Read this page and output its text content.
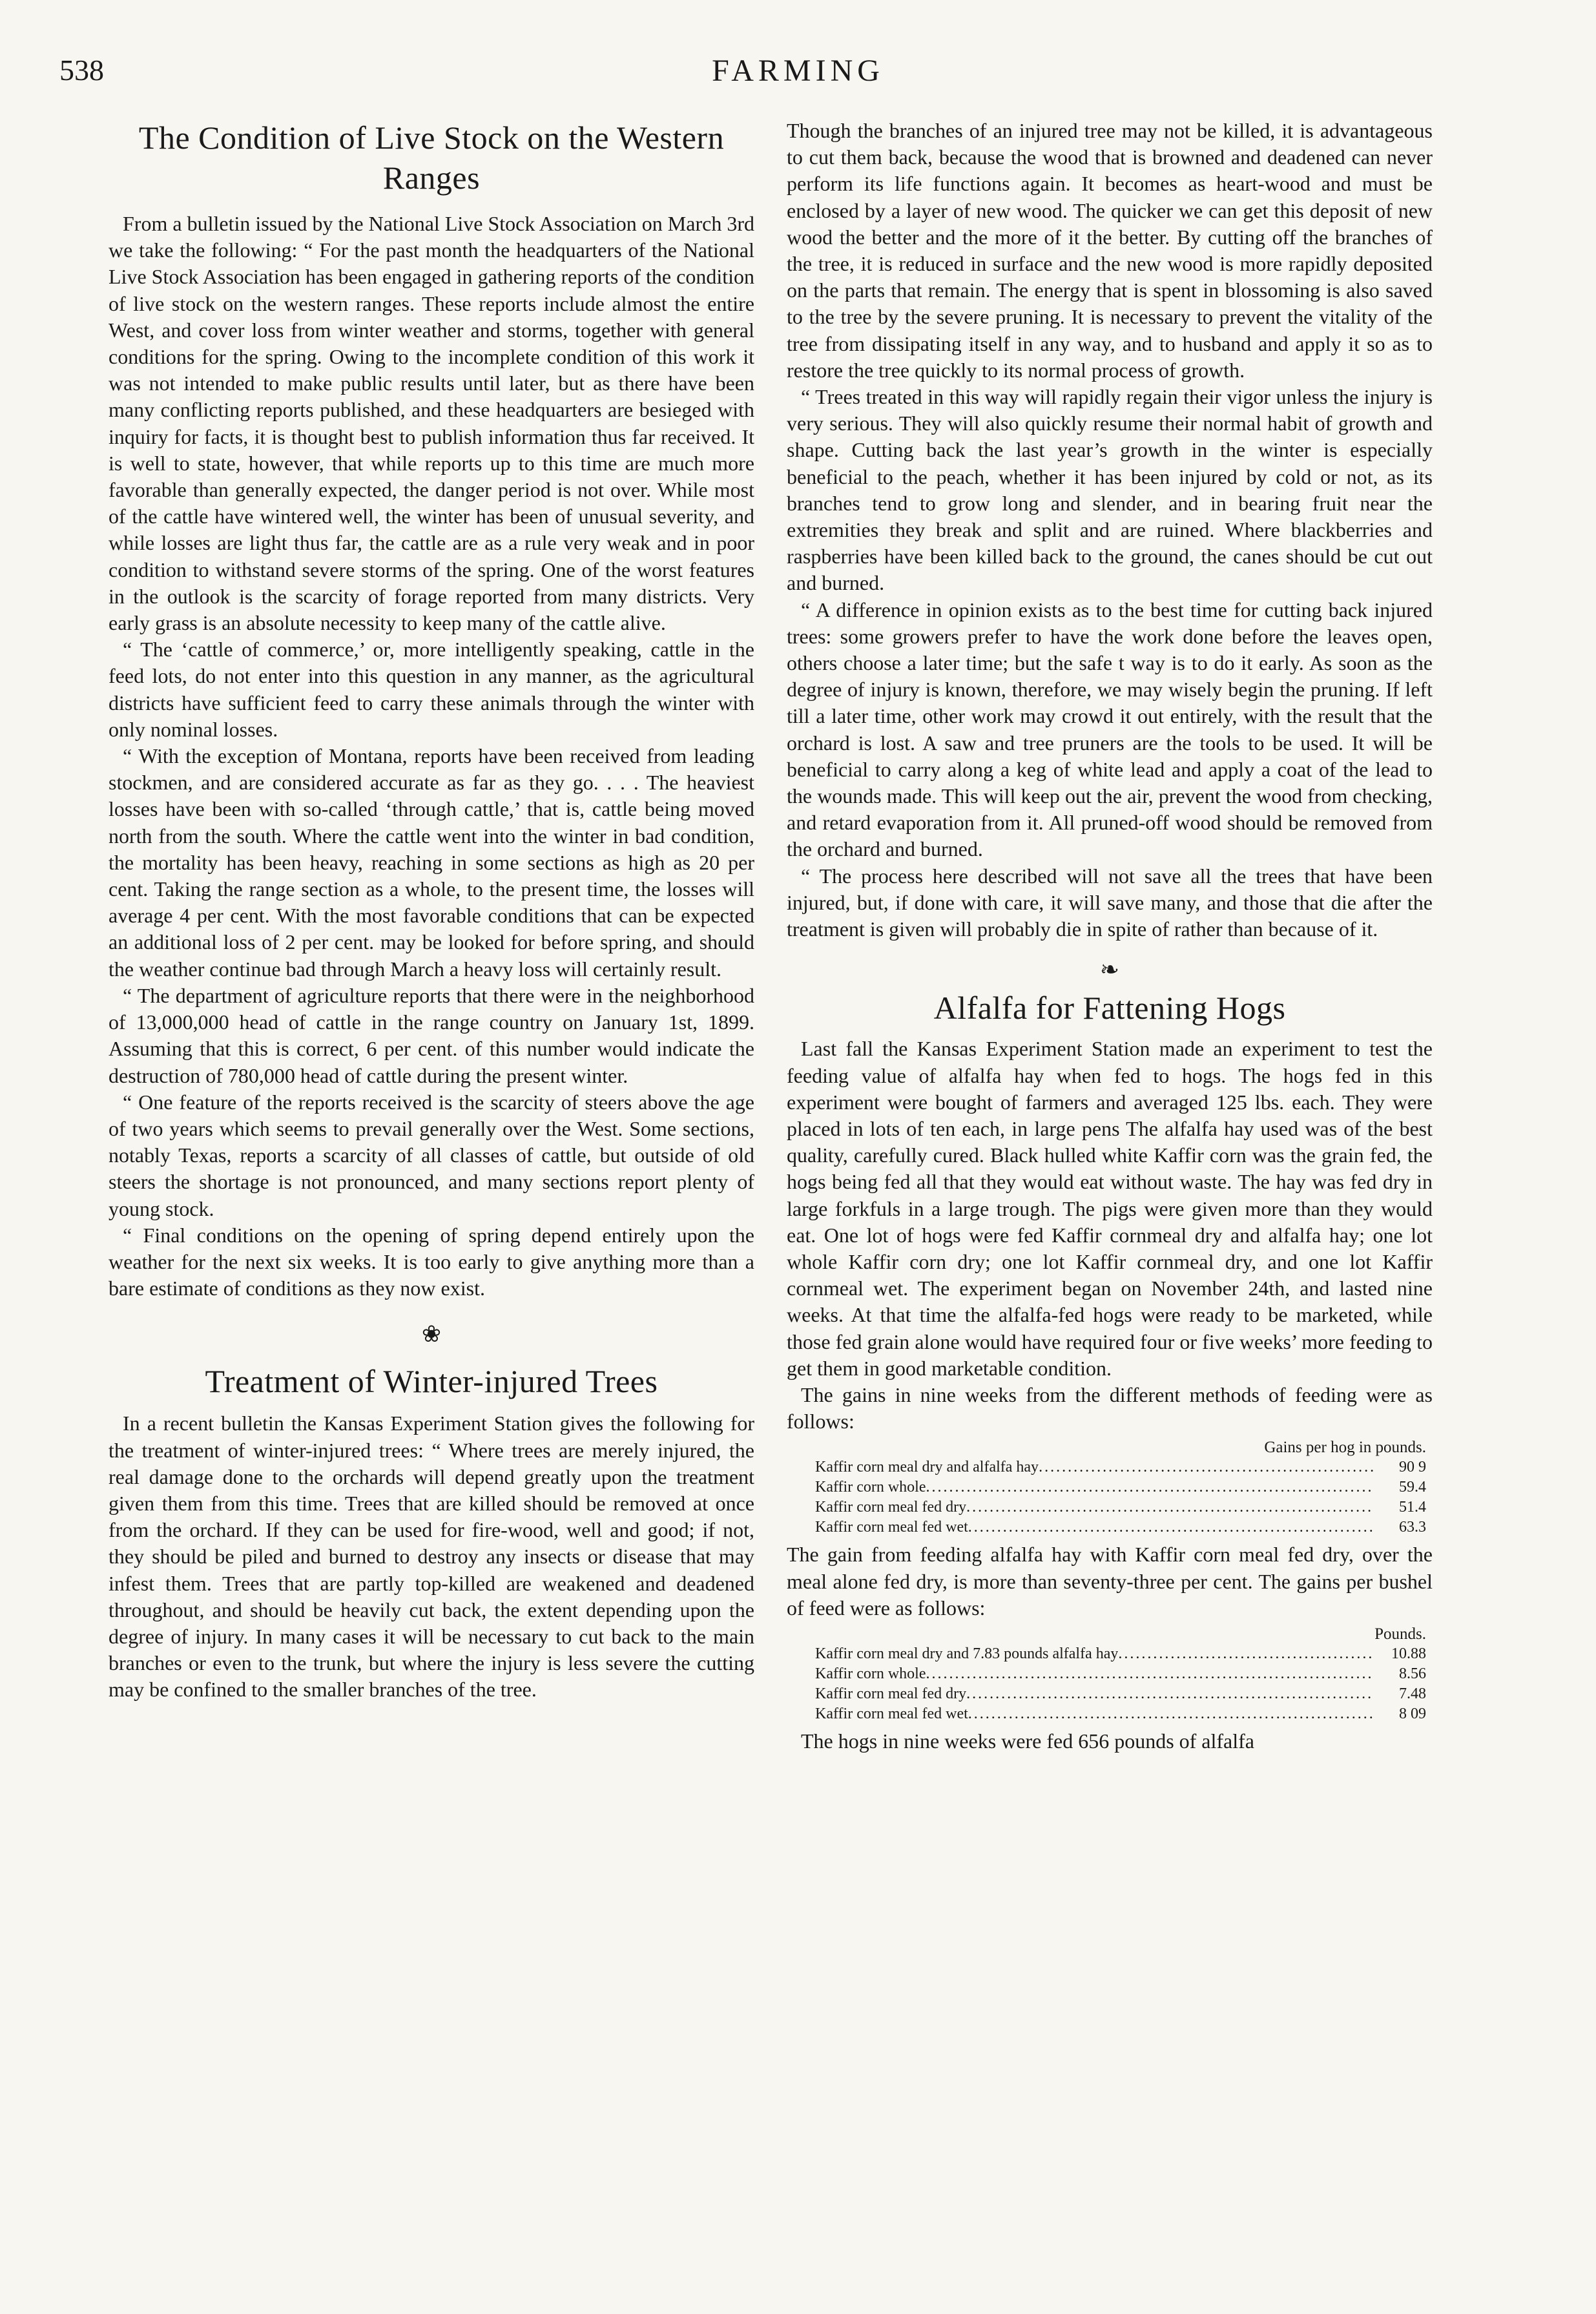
538	FARMING
The Condition of Live Stock on the Western Ranges

From a bulletin issued by the National Live Stock Association on March 3rd we take the following: “ For the past month the headquarters of the National Live Stock Association has been engaged in gathering reports of the condition of live stock on the western ranges. These reports include almost the entire West, and cover loss from winter weather and storms, together with general conditions for the spring. Owing to the incomplete condition of this work it was not intended to make public results until later, but as there have been many conflicting reports published, and these headquarters are besieged with inquiry for facts, it is thought best to publish information thus far received. It is well to state, however, that while reports up to this time are much more favorable than generally expected, the danger period is not over. While most of the cattle have wintered well, the winter has been of unusual severity, and while losses are light thus far, the cattle are as a rule very weak and in poor condition to withstand severe storms of the spring. One of the worst features in the outlook is the scarcity of forage reported from many districts. Very early grass is an absolute necessity to keep many of the cattle alive.

“ The ‘cattle of commerce,’ or, more intelligently speaking, cattle in the feed lots, do not enter into this question in any manner, as the agricultural districts have sufficient feed to carry these animals through the winter with only nominal losses.

“ With the exception of Montana, reports have been received from leading stockmen, and are considered accurate as far as they go. . . . The heaviest losses have been with so-called ‘through cattle,’ that is, cattle being moved north from the south. Where the cattle went into the winter in bad condition, the mortality has been heavy, reaching in some sections as high as 20 per cent. Taking the range section as a whole, to the present time, the losses will average 4 per cent. With the most favorable conditions that can be expected an additional loss of 2 per cent. may be looked for before spring, and should the weather continue bad through March a heavy loss will certainly result.

“ The department of agriculture reports that there were in the neighborhood of 13,000,000 head of cattle in the range country on January 1st, 1899. Assuming that this is correct, 6 per cent. of this number would indicate the destruction of 780,000 head of cattle during the present winter.

“ One feature of the reports received is the scarcity of steers above the age of two years which seems to prevail generally over the West. Some sections, notably Texas, reports a scarcity of all classes of cattle, but outside of old steers the shortage is not pronounced, and many sections report plenty of young stock.

“ Final conditions on the opening of spring depend entirely upon the weather for the next six weeks. It is too early to give anything more than a bare estimate of conditions as they now exist.

❀
Treatment of Winter-injured Trees

In a recent bulletin the Kansas Experiment Station gives the following for the treatment of winter-injured trees: “ Where trees are merely injured, the real damage done to the orchards will depend greatly upon the treatment given them from this time. Trees that are killed should be removed at once from the orchard. If they can be used for fire-wood, well and good; if not, they should be piled and burned to destroy any insects or disease that may infest them. Trees that are partly top-killed are weakened and deadened throughout, and should be heavily cut back, the extent depending upon the degree of injury. In many cases it will be necessary to cut back to the main branches or even to the trunk, but where the injury is less severe the cutting may be confined to the smaller branches of the tree.

Though the branches of an injured tree may not be killed, it is advantageous to cut them back, because the wood that is browned and deadened can never perform its life functions again. It becomes as heart-wood and must be enclosed by a layer of new wood. The quicker we can get this deposit of new wood the better and the more of it the better. By cutting off the branches of the tree, it is reduced in surface and the new wood is more rapidly deposited on the parts that remain. The energy that is spent in blossoming is also saved to the tree by the severe pruning. It is necessary to prevent the vitality of the tree from dissipating itself in any way, and to husband and apply it so as to restore the tree quickly to its normal process of growth.

“ Trees treated in this way will rapidly regain their vigor unless the injury is very serious. They will also quickly resume their normal habit of growth and shape. Cutting back the last year’s growth in the winter is especially beneficial to the peach, whether it has been injured by cold or not, as its branches tend to grow long and slender, and in bearing fruit near the extremities they break and split and are ruined. Where blackberries and raspberries have been killed back to the ground, the canes should be cut out and burned.

“ A difference in opinion exists as to the best time for cutting back injured trees: some growers prefer to have the work done before the leaves open, others choose a later time; but the safe t way is to do it early. As soon as the degree of injury is known, therefore, we may wisely begin the pruning. If left till a later time, other work may crowd it out entirely, with the result that the orchard is lost. A saw and tree pruners are the tools to be used. It will be beneficial to carry along a keg of white lead and apply a coat of the lead to the wounds made. This will keep out the air, prevent the wood from checking, and retard evaporation from it. All pruned-off wood should be removed from the orchard and burned.

“ The process here described will not save all the trees that have been injured, but, if done with care, it will save many, and those that die after the treatment is given will probably die in spite of rather than because of it.

❧
Alfalfa for Fattening Hogs

Last fall the Kansas Experiment Station made an experiment to test the feeding value of alfalfa hay when fed to hogs. The hogs fed in this experiment were bought of farmers and averaged 125 lbs. each. They were placed in lots of ten each, in large pens The alfalfa hay used was of the best quality, carefully cured. Black hulled white Kaffir corn was the grain fed, the hogs being fed all that they would eat without waste. The hay was fed dry in large forkfuls in a large trough. The pigs were given more than they would eat. One lot of hogs were fed Kaffir cornmeal dry and alfalfa hay; one lot whole Kaffir corn dry; one lot Kaffir cornmeal dry, and one lot Kaffir cornmeal wet. The experiment began on November 24th, and lasted nine weeks. At that time the alfalfa-fed hogs were ready to be marketed, while those fed grain alone would have required four or five weeks’ more feeding to get them in good marketable condition.

The gains in nine weeks from the different methods of feeding were as follows:

Gains per hog in pounds.
Kaffir corn meal dry and alfalfa hay .....	90 9
Kaffir corn whole .....	59.4
Kaffir corn meal fed dry .....	51.4
Kaffir corn meal fed wet .....	63.3

The gain from feeding alfalfa hay with Kaffir corn meal fed dry, over the meal alone fed dry, is more than seventy-three per cent. The gains per bushel of feed were as follows:

Pounds.
Kaffir corn meal dry and 7.83 pounds alfalfa hay .....	10.88
Kaffir corn whole .....	8.56
Kaffir corn meal fed dry .....	7.48
Kaffir corn meal fed wet .....	8 09

The hogs in nine weeks were fed 656 pounds of alfalfa
